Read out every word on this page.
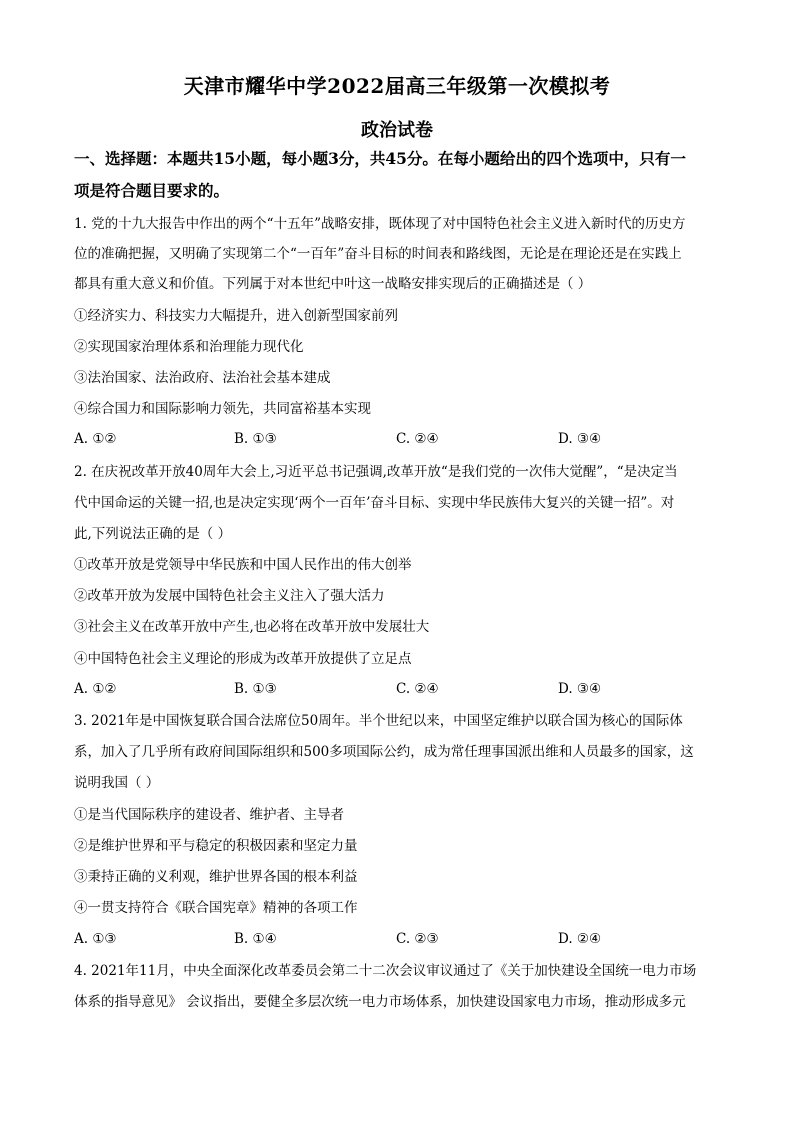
天津市耀华中学2022届高三年级第一次模拟考
政治试卷
一、选择题：本题共15小题，每小题3分，共45分。在每小题给出的四个选项中，只有一
项是符合题目要求的。
1. 党的十九大报告中作出的两个“十五年”战略安排，既体现了对中国特色社会主义进入新时代的历史方
位的准确把握，又明确了实现第二个“一百年”奋斗目标的时间表和路线图，无论是在理论还是在实践上
都具有重大意义和价值。下列属于对本世纪中叶这一战略安排实现后的正确描述是（ ）
①经济实力、科技实力大幅提升，进入创新型国家前列
②实现国家治理体系和治理能力现代化
③法治国家、法治政府、法治社会基本建成
④综合国力和国际影响力领先，共同富裕基本实现
A. ①②	B. ①③	C. ②④	D. ③④
2. 在庆祝改革开放40周年大会上,习近平总书记强调,改革开放“是我们党的一次伟大觉醒”，“是决定当
代中国命运的关键一招,也是决定实现‘两个一百年’奋斗目标、实现中华民族伟大复兴的关键一招”。对
此,下列说法正确的是（ ）
①改革开放是党领导中华民族和中国人民作出的伟大创举
②改革开放为发展中国特色社会主义注入了强大活力
③社会主义在改革开放中产生,也必将在改革开放中发展壮大
④中国特色社会主义理论的形成为改革开放提供了立足点
A. ①②	B. ①③	C. ②④	D. ③④
3. 2021年是中国恢复联合国合法席位50周年。半个世纪以来，中国坚定维护以联合国为核心的国际体
系，加入了几乎所有政府间国际组织和500多项国际公约，成为常任理事国派出维和人员最多的国家，这
说明我国（ ）
①是当代国际秩序的建设者、维护者、主导者
②是维护世界和平与稳定的积极因素和坚定力量
③秉持正确的义利观，维护世界各国的根本利益
④一贯支持符合《联合国宪章》精神的各项工作
A. ①③	B. ①④	C. ②③	D. ②④
4. 2021年11月，中央全面深化改革委员会第二十二次会议审议通过了《关于加快建设全国统一电力市场
体系的指导意见》 会议指出，要健全多层次统一电力市场体系，加快建设国家电力市场，推动形成多元
